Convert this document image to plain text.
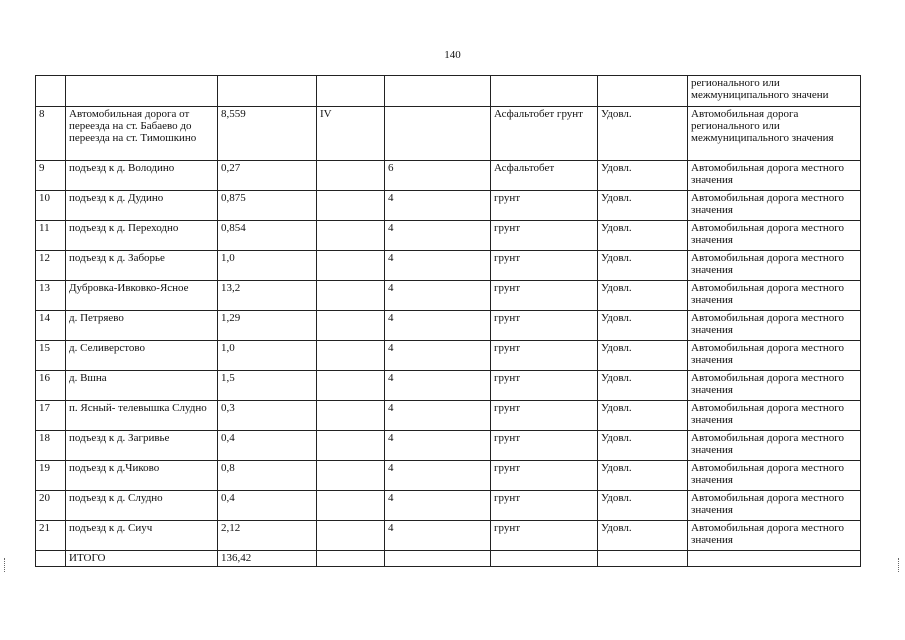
140
							регионального или межмуниципального значени
8	Автомобильная дорога от переезда на ст. Бабаево до переезда на ст. Тимошкино	8,559	IV		Асфальтобет грунт	Удовл.	Автомобильная дорога регионального или межмуниципального значения
9	подъезд к д. Володино	0,27		6	Асфальтобет	Удовл.	Автомобильная дорога местного значения
10	подъезд к д. Дудино	0,875		4	грунт	Удовл.	Автомобильная дорога местного значения
11	подъезд к д. Переходно	0,854		4	грунт	Удовл.	Автомобильная дорога местного значения
12	подъезд к д. Заборье	1,0		4	грунт	Удовл.	Автомобильная дорога местного значения
13	Дубровка-Ивковко-Ясное	13,2		4	грунт	Удовл.	Автомобильная дорога местного значения
14	д. Петряево	1,29		4	грунт	Удовл.	Автомобильная дорога местного значения
15	д. Селиверстово	1,0		4	грунт	Удовл.	Автомобильная дорога местного значения
16	д. Вшна	1,5		4	грунт	Удовл.	Автомобильная дорога местного значения
17	п. Ясный- телевышка Слудно	0,3		4	грунт	Удовл.	Автомобильная дорога местного значения
18	подъезд к д. Загривье	0,4		4	грунт	Удовл.	Автомобильная дорога местного значения
19	подъезд к д.Чиково	0,8		4	грунт	Удовл.	Автомобильная дорога местного значения
20	подъезд к д. Слудно	0,4		4	грунт	Удовл.	Автомобильная дорога местного значения
21	подъезд к д. Сиуч	2,12		4	грунт	Удовл.	Автомобильная дорога местного значения
	ИТОГО	136,42					
